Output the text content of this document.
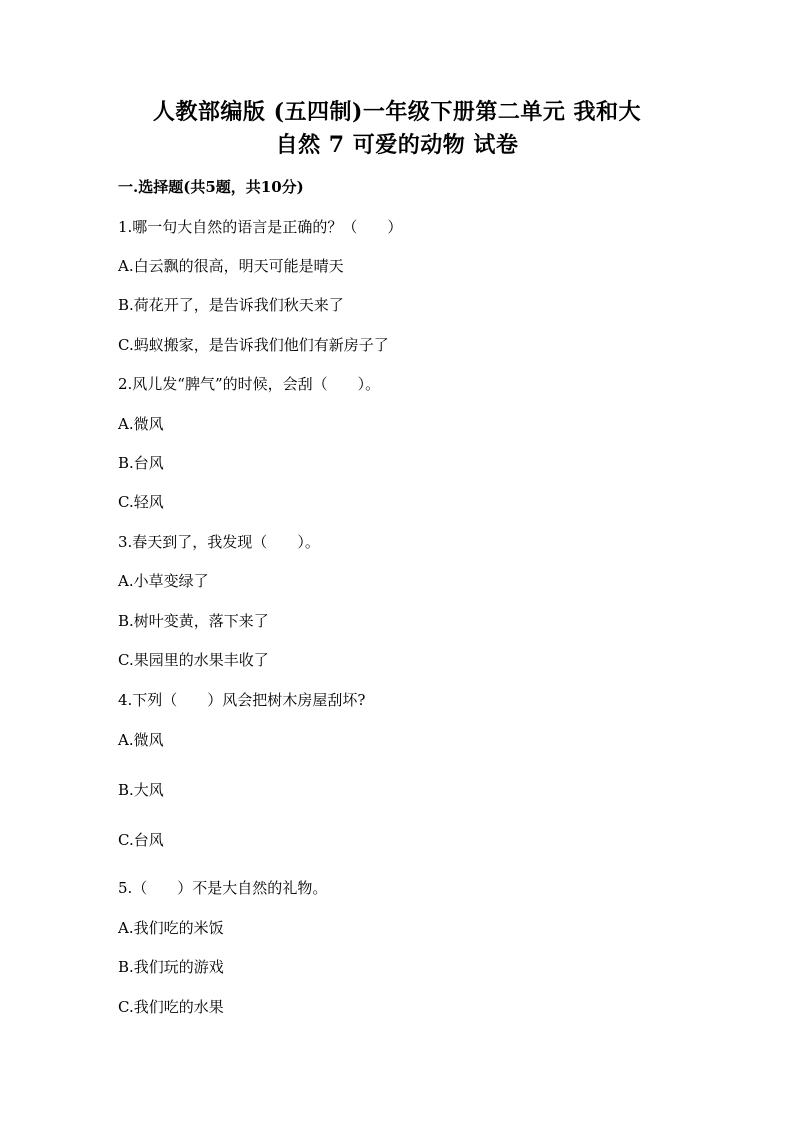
人教部编版 (五四制)一年级下册第二单元 我和大
自然 7 可爱的动物 试卷
一.选择题(共5题，共10分)
1.哪一句大自然的语言是正确的？（　　）
A.白云飘的很高，明天可能是晴天
B.荷花开了，是告诉我们秋天来了
C.蚂蚁搬家，是告诉我们他们有新房子了
2.风儿发“脾气”的时候，会刮（　　）。
A.微风
B.台风
C.轻风
3.春天到了，我发现（　　）。
A.小草变绿了
B.树叶变黄，落下来了
C.果园里的水果丰收了
4.下列（　　）风会把树木房屋刮坏?
A.微风
B.大风
C.台风
5.（　　）不是大自然的礼物。
A.我们吃的米饭
B.我们玩的游戏
C.我们吃的水果
